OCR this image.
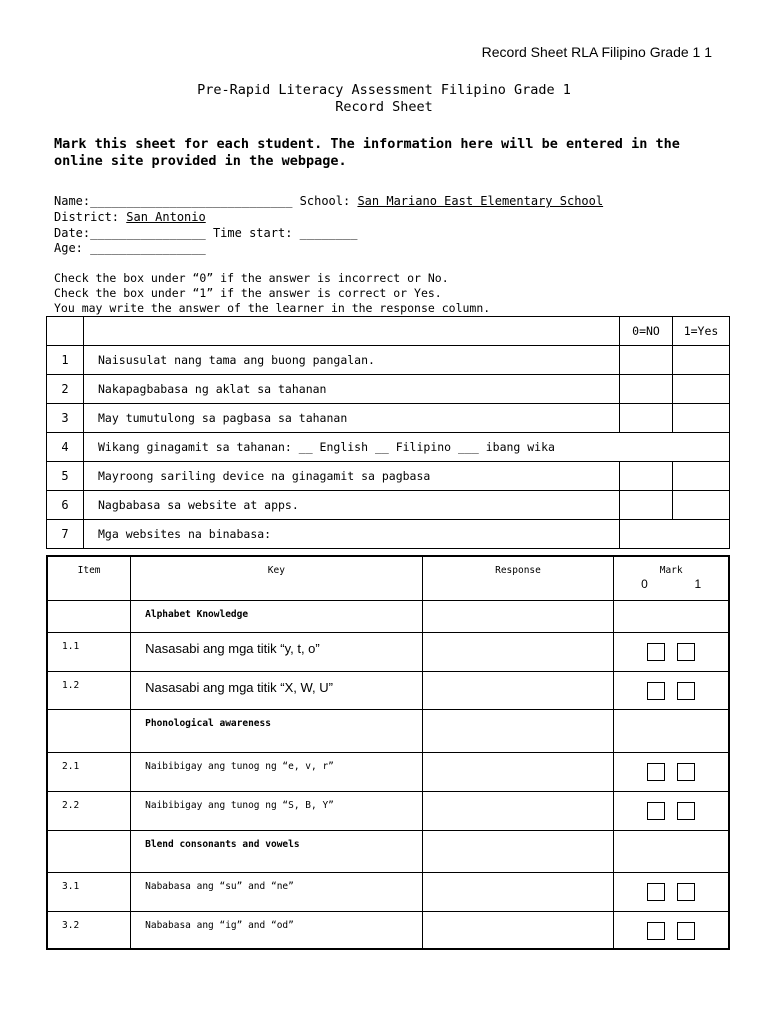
Record Sheet RLA Filipino Grade 1 1
Pre-Rapid Literacy Assessment Filipino Grade 1
Record Sheet
Mark this sheet for each student. The information here will be entered in the online site provided in the webpage.
Name:____________________________ School: San Mariano East Elementary School
District: San Antonio
Date:________________ Time start: ________
Age: ________________
Check the box under “0” if the answer is incorrect or No.
Check the box under “1” if the answer is correct or Yes.
You may write the answer of the learner in the response column.
		0=NO	1=Yes
1	Naisusulat nang tama ang buong pangalan.		
2	Nakapagbabasa ng aklat sa tahanan		
3	May tumutulong sa pagbasa sa tahanan		
4	Wikang ginagamit sa tahanan: __ English __ Filipino ___ ibang wika		
5	Mayroong sariling device na ginagamit sa pagbasa		
6	Nagbabasa sa website at apps.		
7	Mga websites na binabasa:		
Item	Key	Response	Mark
0 1

	Alphabet Knowledge		
1.1	Nasasabi ang mga titik “y, t, o”		

1.2	Nasasabi ang mga titik “X, W, U”		

	Phonological awareness		
2.1	Naibibigay ang tunog ng “e, v, r”		

2.2	Naibibigay ang tunog ng “S, B, Y”		

	Blend consonants and vowels		
3.1	Nababasa ang “su” and “ne”		

3.2	Nababasa ang “ig” and “od”		
